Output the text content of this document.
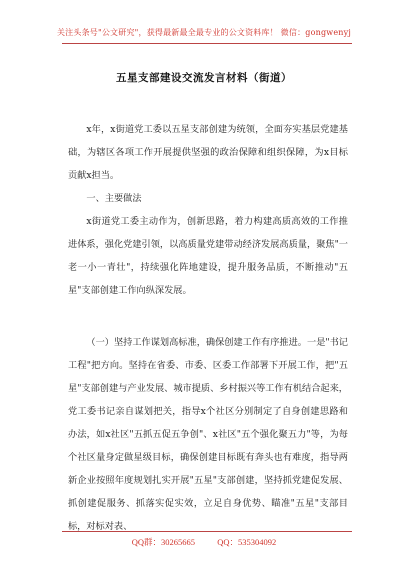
关注头条号"公文研究"，获得最新最全最专业的公文资料库！ 微信：gongwenyj
五星支部建设交流发言材料（街道）

x年，x街道党工委以五星支部创建为统领，全面夯实基层党建基础，为辖区各项工作开展提供坚强的政治保障和组织保障，为x目标贡献x担当。

一、主要做法

x街道党工委主动作为，创新思路，着力构建高质高效的工作推进体系，强化党建引领，以高质量党建带动经济发展高质量，聚焦"一老一小一青壮"，持续强化阵地建设，提升服务品质，不断推动"五星"支部创建工作向纵深发展。

（一）坚持工作谋划高标准，确保创建工作有序推进。一是"书记工程"把方向。坚持在省委、市委、区委工作部署下开展工作，把"五星"支部创建与产业发展、城市提质、乡村振兴等工作有机结合起来，党工委书记亲自谋划把关，指导x个社区分别制定了自身创建思路和办法，如x社区"五抓五促五争创"、x社区"五个强化聚五力"等，为每个社区量身定做星级目标，确保创建目标既有奔头也有难度，指导两新企业按照年度规划扎实开展"五星"支部创建，坚持抓党建促发展、抓创建促服务、抓落实促实效，立足自身优势、瞄准"五星"支部目标，对标对表、

QQ群：30265665	QQ：535304092
